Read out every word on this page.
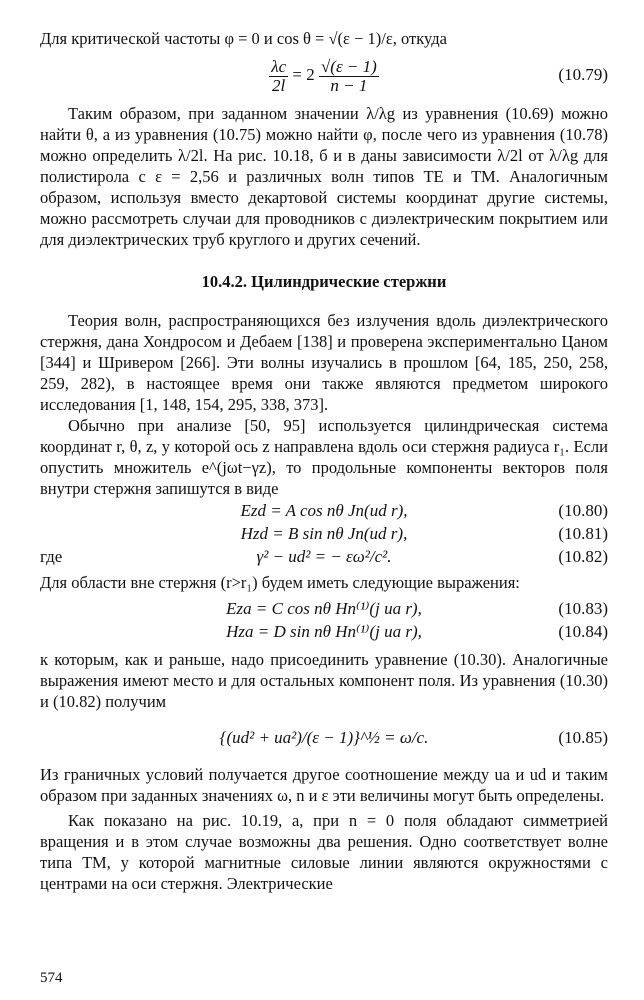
Для критической частоты φ = 0 и cos θ = √(ε − 1)/ε, откуда

$\frac{\lambda c}{2l} = 2 \frac{√(\varepsilon - 1)}{n - 1}$	(10.79)

Таким образом, при заданном значении λ/λg из уравнения (10.69) можно найти θ, а из уравнения (10.75) можно найти φ, после чего из уравнения (10.78) можно определить λ/2l. На рис. 10.18, б и в даны зависимости λ/2l от λ/λg для полистирола с ε = 2,56 и различных волн типов ТЕ и ТМ. Аналогичным образом, используя вместо декартовой системы координат другие системы, можно рассмотреть случаи для проводников с диэлектрическим покрытием или для диэлектрических труб круглого и других сечений.

10.4.2. Цилиндрические стержни

Теория волн, распространяющихся без излучения вдоль диэлектрического стержня, дана Хондросом и Дебаем [138] и проверена экспериментально Цаном [344] и Шривером [266]. Эти волны изучались в прошлом [64, 185, 250, 258, 259, 282), в настоящее время они также являются предметом широкого исследования [1, 148, 154, 295, 338, 373].

Обычно при анализе [50, 95] используется цилиндрическая система координат r, θ, z, у которой ось z направлена вдоль оси стержня радиуса r₁. Если опустить множитель e^(jωt−γz), то продольные компоненты векторов поля внутри стержня запишутся в виде

Ezd = A cos nθ Jn(ud r),	(10.80)
Hzd = B sin nθ Jn(ud r),	(10.81)
где	γ² − ud² = − εω²/c².	(10.82)

Для области вне стержня (r>r₁) будем иметь следующие выражения:

Eza = C cos nθ Hn⁽¹⁾(j ua r),	(10.83)
Hza = D sin nθ Hn⁽¹⁾(j ua r),	(10.84)

к которым, как и раньше, надо присоединить уравнение (10.30). Аналогичные выражения имеют место и для остальных компонент поля. Из уравнения (10.30) и (10.82) получим

{(ud² + ua²)/(ε − 1)}^½ = ω/c.	(10.85)

Из граничных условий получается другое соотношение между ua и ud и таким образом при заданных значениях ω, n и ε эти величины могут быть определены.

Как показано на рис. 10.19, а, при n = 0 поля обладают симметрией вращения и в этом случае возможны два решения. Одно соответствует волне типа ТМ, у которой магнитные силовые линии являются окружностями с центрами на оси стержня. Электрические

574
